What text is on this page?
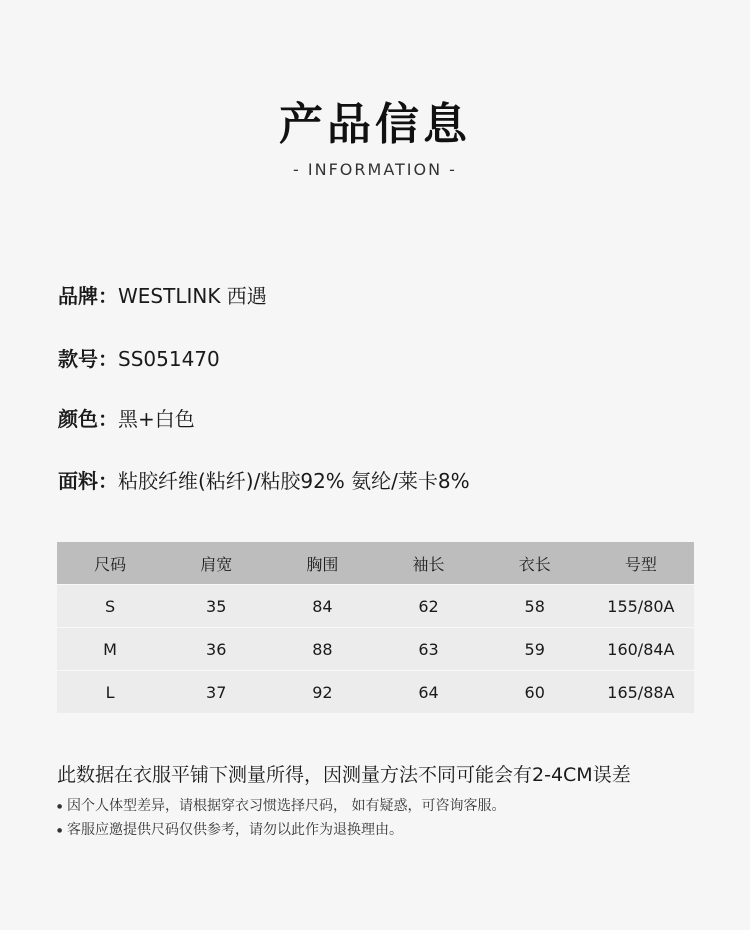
产品信息
- INFORMATION -
品牌：WESTLINK 西遇
款号：SS051470
颜色：黑+白色
面料：粘胶纤维(粘纤)/粘胶92% 氨纶/莱卡8%
尺码	肩宽	胸围	袖长	衣长	号型
S	35	84	62	58	155/80A
M	36	88	63	59	160/84A
L	37	92	64	60	165/88A
此数据在衣服平铺下测量所得，因测量方法不同可能会有2-4CM误差
● 因个人体型差异，请根据穿衣习惯选择尺码， 如有疑惑，可咨询客服。
● 客服应邀提供尺码仅供参考，请勿以此作为退换理由。
